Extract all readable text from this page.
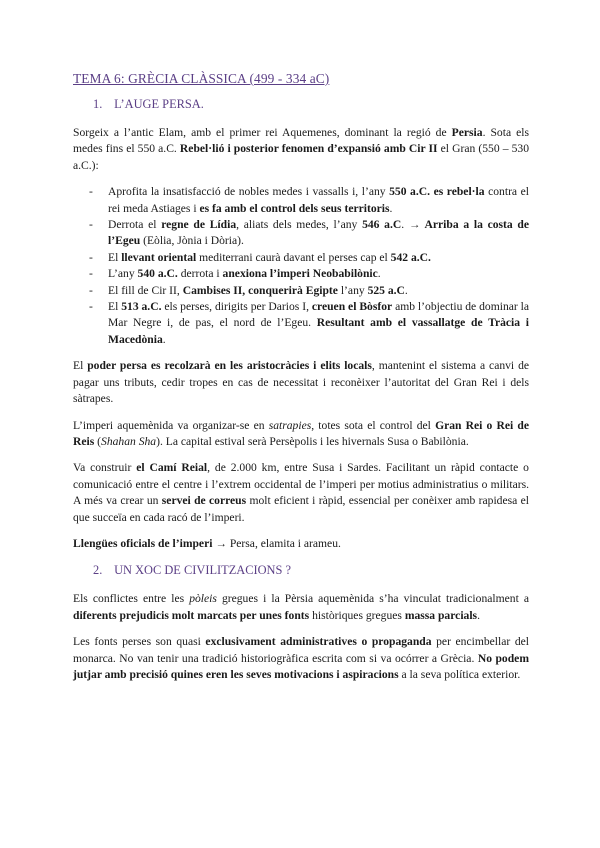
TEMA 6: GRÈCIA CLÀSSICA (499 - 334 aC)
1. L’AUGE PERSA.

Sorgeix a l’antic Elam, amb el primer rei Aquemenes, dominant la regió de Persia. Sota els medes fins el 550 a.C. Rebel·lió i posterior fenomen d’expansió amb Cir II el Gran (550 – 530 a.C.):

- Aprofita la insatisfacció de nobles medes i vassalls i, l’any 550 a.C. es rebel·la contra el rei meda Astiages i es fa amb el control dels seus territoris.
- Derrota el regne de Lídia, aliats dels medes, l’any 546 a.C. → Arriba a la costa de l’Egeu (Eòlia, Jònia i Dòria).
- El llevant oriental mediterrani caurà davant el perses cap el 542 a.C.
- L’any 540 a.C. derrota i anexiona l’imperi Neobabilònic.
- El fill de Cir II, Cambises II, conquerirà Egipte l’any 525 a.C.
- El 513 a.C. els perses, dirigits per Darios I, creuen el Bòsfor amb l’objectiu de dominar la Mar Negre i, de pas, el nord de l’Egeu. Resultant amb el vassallatge de Tràcia i Macedònia.

El poder persa es recolzarà en les aristocràcies i elits locals, mantenint el sistema a canvi de pagar uns tributs, cedir tropes en cas de necessitat i reconèixer l’autoritat del Gran Rei i dels sàtrapes.

L’imperi aquemènida va organizar-se en satrapies, totes sota el control del Gran Rei o Rei de Reis (Shahan Sha). La capital estival serà Persèpolis i les hivernals Susa o Babilònia.

Va construir el Camí Reial, de 2.000 km, entre Susa i Sardes. Facilitant un ràpid contacte o comunicació entre el centre i l’extrem occidental de l’imperi per motius administratius o militars. A més va crear un servei de correus molt eficient i ràpid, essencial per conèixer amb rapidesa el que succeïa en cada racó de l’imperi.

Llengües oficials de l’imperi → Persa, elamita i arameu.

2. UN XOC DE CIVILITZACIONS ?

Els conflictes entre les pòleis gregues i la Pèrsia aquemènida s’ha vinculat tradicionalment a diferents prejudicis molt marcats per unes fonts històriques gregues massa parcials.

Les fonts perses son quasi exclusivament administratives o propaganda per encimbellar del monarca. No van tenir una tradició historiogràfica escrita com si va ocórrer a Grècia. No podem jutjar amb precisió quines eren les seves motivacions i aspiracions a la seva política exterior.
